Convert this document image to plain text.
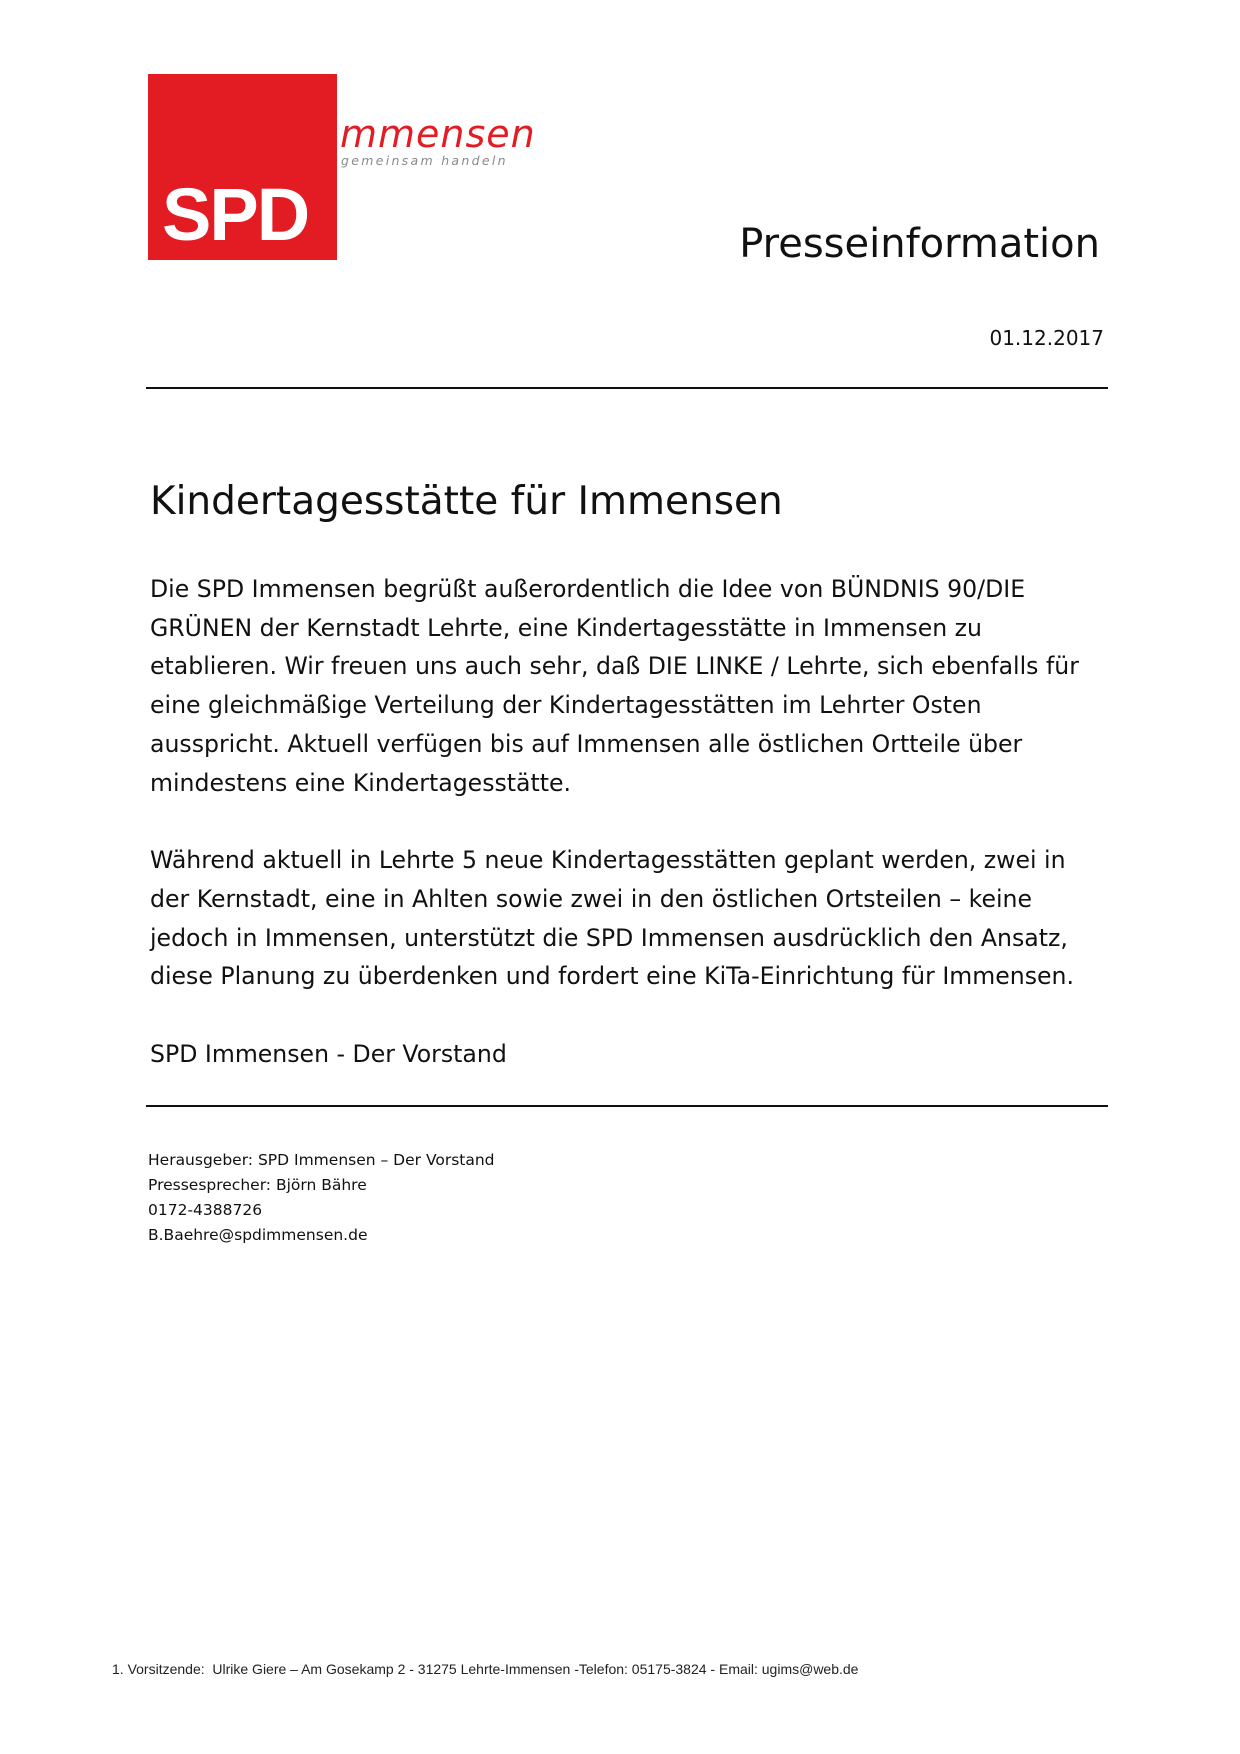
SPD
mmensen
gemeinsam handeln
Presseinformation
01.12.2017
Kindertagesstätte für Immensen

Die SPD Immensen begrüßt außerordentlich die Idee von BÜNDNIS 90/DIE
GRÜNEN der Kernstadt Lehrte, eine Kindertagesstätte in Immensen zu
etablieren. Wir freuen uns auch sehr, daß DIE LINKE / Lehrte, sich ebenfalls für
eine gleichmäßige Verteilung der Kindertagesstätten im Lehrter Osten
ausspricht. Aktuell verfügen bis auf Immensen alle östlichen Ortteile über
mindestens eine Kindertagesstätte.

Während aktuell in Lehrte 5 neue Kindertagesstätten geplant werden, zwei in
der Kernstadt, eine in Ahlten sowie zwei in den östlichen Ortsteilen – keine
jedoch in Immensen, unterstützt die SPD Immensen ausdrücklich den Ansatz,
diese Planung zu überdenken und fordert eine KiTa-Einrichtung für Immensen.

SPD Immensen - Der Vorstand

Herausgeber: SPD Immensen – Der Vorstand
Pressesprecher: Björn Bähre
0172-4388726
B.Baehre@spdimmensen.de
1. Vorsitzende:  Ulrike Giere – Am Gosekamp 2 - 31275 Lehrte-Immensen -Telefon: 05175-3824 - Email: ugims@web.de
